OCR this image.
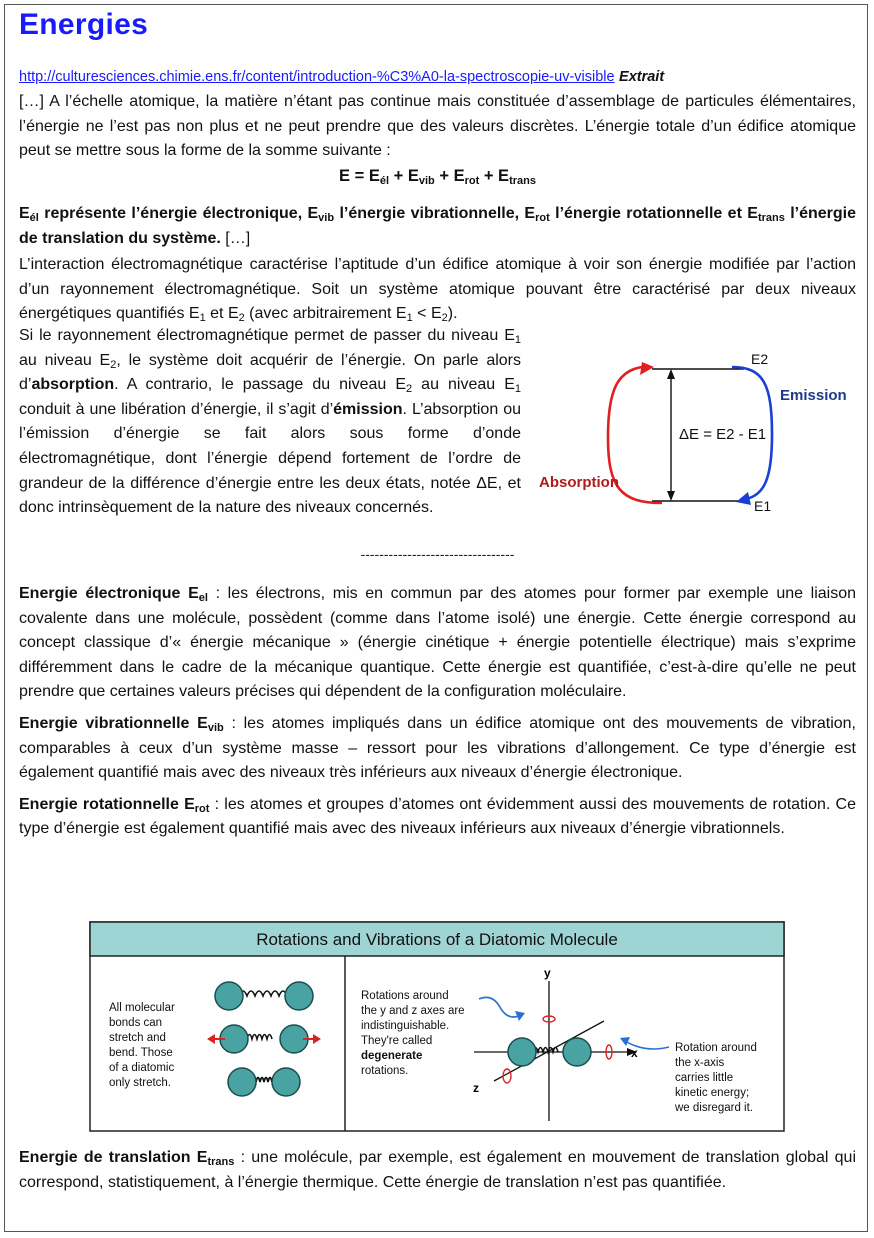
Energies
http://culturesciences.chimie.ens.fr/content/introduction-%C3%A0-la-spectroscopie-uv-visible Extrait

[…] A l’échelle atomique, la matière n’étant pas continue mais constituée d’assemblage de particules élémentaires, l’énergie ne l’est pas non plus et ne peut prendre que des valeurs discrètes. L’énergie totale d’un édifice atomique peut se mettre sous la forme de la somme suivante :

$E = E_{él} + E_{vib} + E_{rot} + E_{trans}$

$E_{él}$ représente l’énergie électronique, $E_{vib}$ l’énergie vibrationnelle, $E_{rot}$ l’énergie rotationnelle et $E_{trans}$ l’énergie de translation du système. […]

L’interaction électromagnétique caractérise l’aptitude d’un édifice atomique à voir son énergie modifiée par l’action d’un rayonnement électromagnétique. Soit un système atomique pouvant être caractérisé par deux niveaux énergétiques quantifiés $E_1$ et $E_2$ (avec arbitrairement $E_1 < E_2$).

Si le rayonnement électromagnétique permet de passer du niveau $E_1$ au niveau $E_2$, le système doit acquérir de l’énergie. On parle alors d’absorption. A contrario, le passage du niveau $E_2$ au niveau $E_1$ conduit à une libération d’énergie, il s’agit d’émission. L’absorption ou l’émission d’énergie se fait alors sous forme d’onde électromagnétique, dont l’énergie dépend fortement de l’ordre de grandeur de la différence d’énergie entre les deux états, notée ΔE, et donc intrinsèquement de la nature des niveaux concernés.

E2
E1
ΔE = E2 - E1
Emission
Absorption
---------------------------------

Energie électronique $E_{el}$ : les électrons, mis en commun par des atomes pour former par exemple une liaison covalente dans une molécule, possèdent (comme dans l’atome isolé) une énergie. Cette énergie correspond au concept classique d’« énergie mécanique » (énergie cinétique + énergie potentielle électrique) mais s’exprime différemment dans le cadre de la mécanique quantique. Cette énergie est quantifiée, c’est-à-dire qu’elle ne peut prendre que certaines valeurs précises qui dépendent de la configuration moléculaire.

Energie vibrationnelle $E_{vib}$ : les atomes impliqués dans un édifice atomique ont des mouvements de vibration, comparables à ceux d’un système masse – ressort pour les vibrations d’allongement. Ce type d’énergie est également quantifié mais avec des niveaux très inférieurs aux niveaux d’énergie électronique.

Energie rotationnelle $E_{rot}$ : les atomes et groupes d’atomes ont évidemment aussi des mouvements de rotation. Ce type d’énergie est également quantifié mais avec des niveaux inférieurs aux niveaux d’énergie vibrationnels.

Rotations and Vibrations of a Diatomic Molecule
All molecular
bonds can
stretch and
bend. Those
of a diatomic
only stretch.
y
x
z
Rotations around
the y and z axes are
indistinguishable.
They're called
degenerate
rotations.
Rotation around
the x-axis
carries little
kinetic energy;
we disregard it.

Energie de translation $E_{trans}$ : une molécule, par exemple, est également en mouvement de translation global qui correspond, statistiquement, à l’énergie thermique. Cette énergie de translation n’est pas quantifiée.
